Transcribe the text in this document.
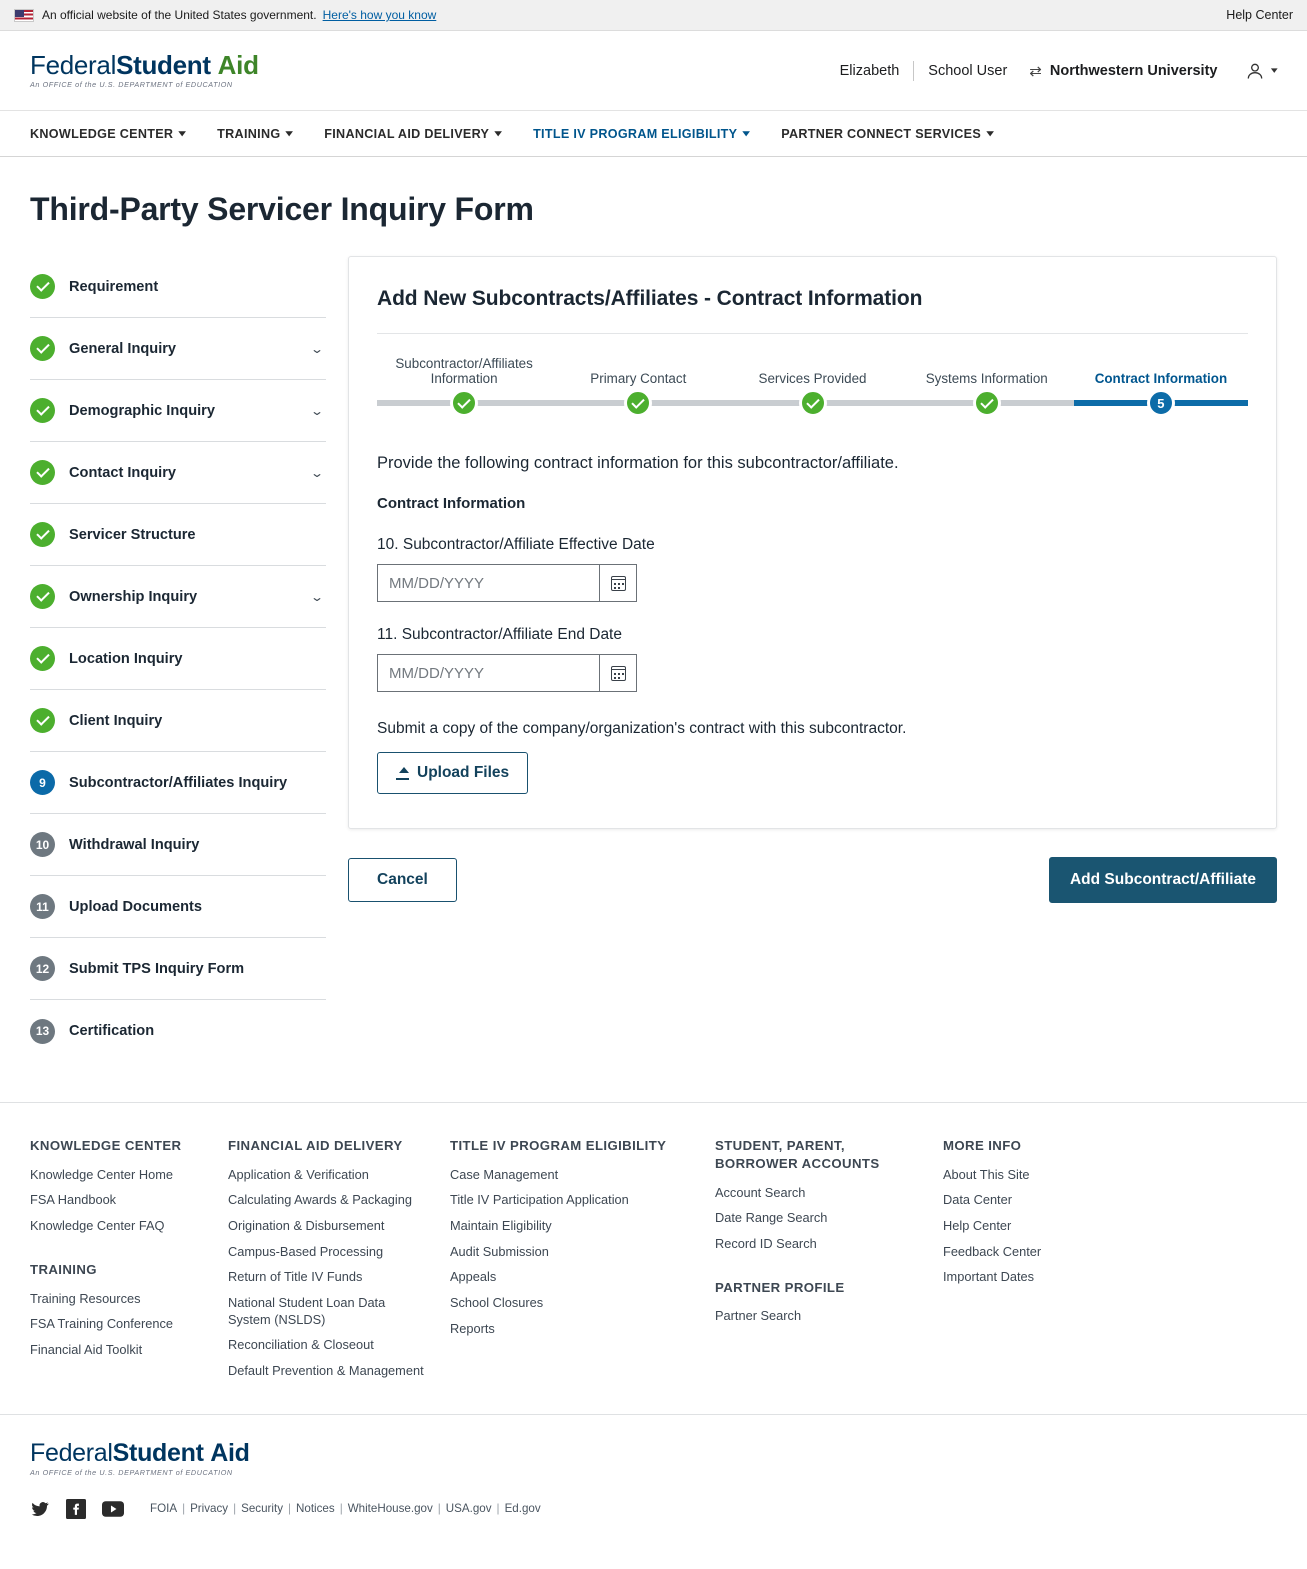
An official website of the United States government. Here's how you know	Help Center
FederalStudent Aid
An OFFICE of the U.S. DEPARTMENT of EDUCATION
Elizabeth	School User	⇄ Northwestern University	▾
KNOWLEDGE CENTER ▾ TRAINING ▾ FINANCIAL AID DELIVERY ▾ TITLE IV PROGRAM ELIGIBILITY ▾ PARTNER CONNECT SERVICES ▾
Third-Party Servicer Inquiry Form
Requirement
General Inquiry	⌄
Demographic Inquiry	⌄
Contact Inquiry	⌄
Servicer Structure
Ownership Inquiry	⌄
Location Inquiry
Client Inquiry
9	Subcontractor/Affiliates Inquiry
10	Withdrawal Inquiry
11	Upload Documents
12	Submit TPS Inquiry Form
13	Certification
Add New Subcontracts/Affiliates - Contract Information
Subcontractor/Affiliates Information	Primary Contact	Services Provided	Systems Information	Contract Information
5
Provide the following contract information for this subcontractor/affiliate.
Contract Information
10. Subcontractor/Affiliate Effective Date
MM/DD/YYYY
11. Subcontractor/Affiliate End Date
MM/DD/YYYY
Submit a copy of the company/organization's contract with this subcontractor.
Upload Files
Cancel	Add Subcontract/Affiliate
KNOWLEDGE CENTER
Knowledge Center Home
FSA Handbook
Knowledge Center FAQ
TRAINING
Training Resources
FSA Training Conference
Financial Aid Toolkit
FINANCIAL AID DELIVERY
Application & Verification
Calculating Awards & Packaging
Origination & Disbursement
Campus-Based Processing
Return of Title IV Funds
National Student Loan Data System (NSLDS)
Reconciliation & Closeout
Default Prevention & Management
TITLE IV PROGRAM ELIGIBILITY
Case Management
Title IV Participation Application
Maintain Eligibility
Audit Submission
Appeals
School Closures
Reports
STUDENT, PARENT, BORROWER ACCOUNTS
Account Search
Date Range Search
Record ID Search
PARTNER PROFILE
Partner Search
MORE INFO
About This Site
Data Center
Help Center
Feedback Center
Important Dates
FederalStudent Aid
An OFFICE of the U.S. DEPARTMENT of EDUCATION
FOIA | Privacy | Security | Notices | WhiteHouse.gov | USA.gov | Ed.gov
